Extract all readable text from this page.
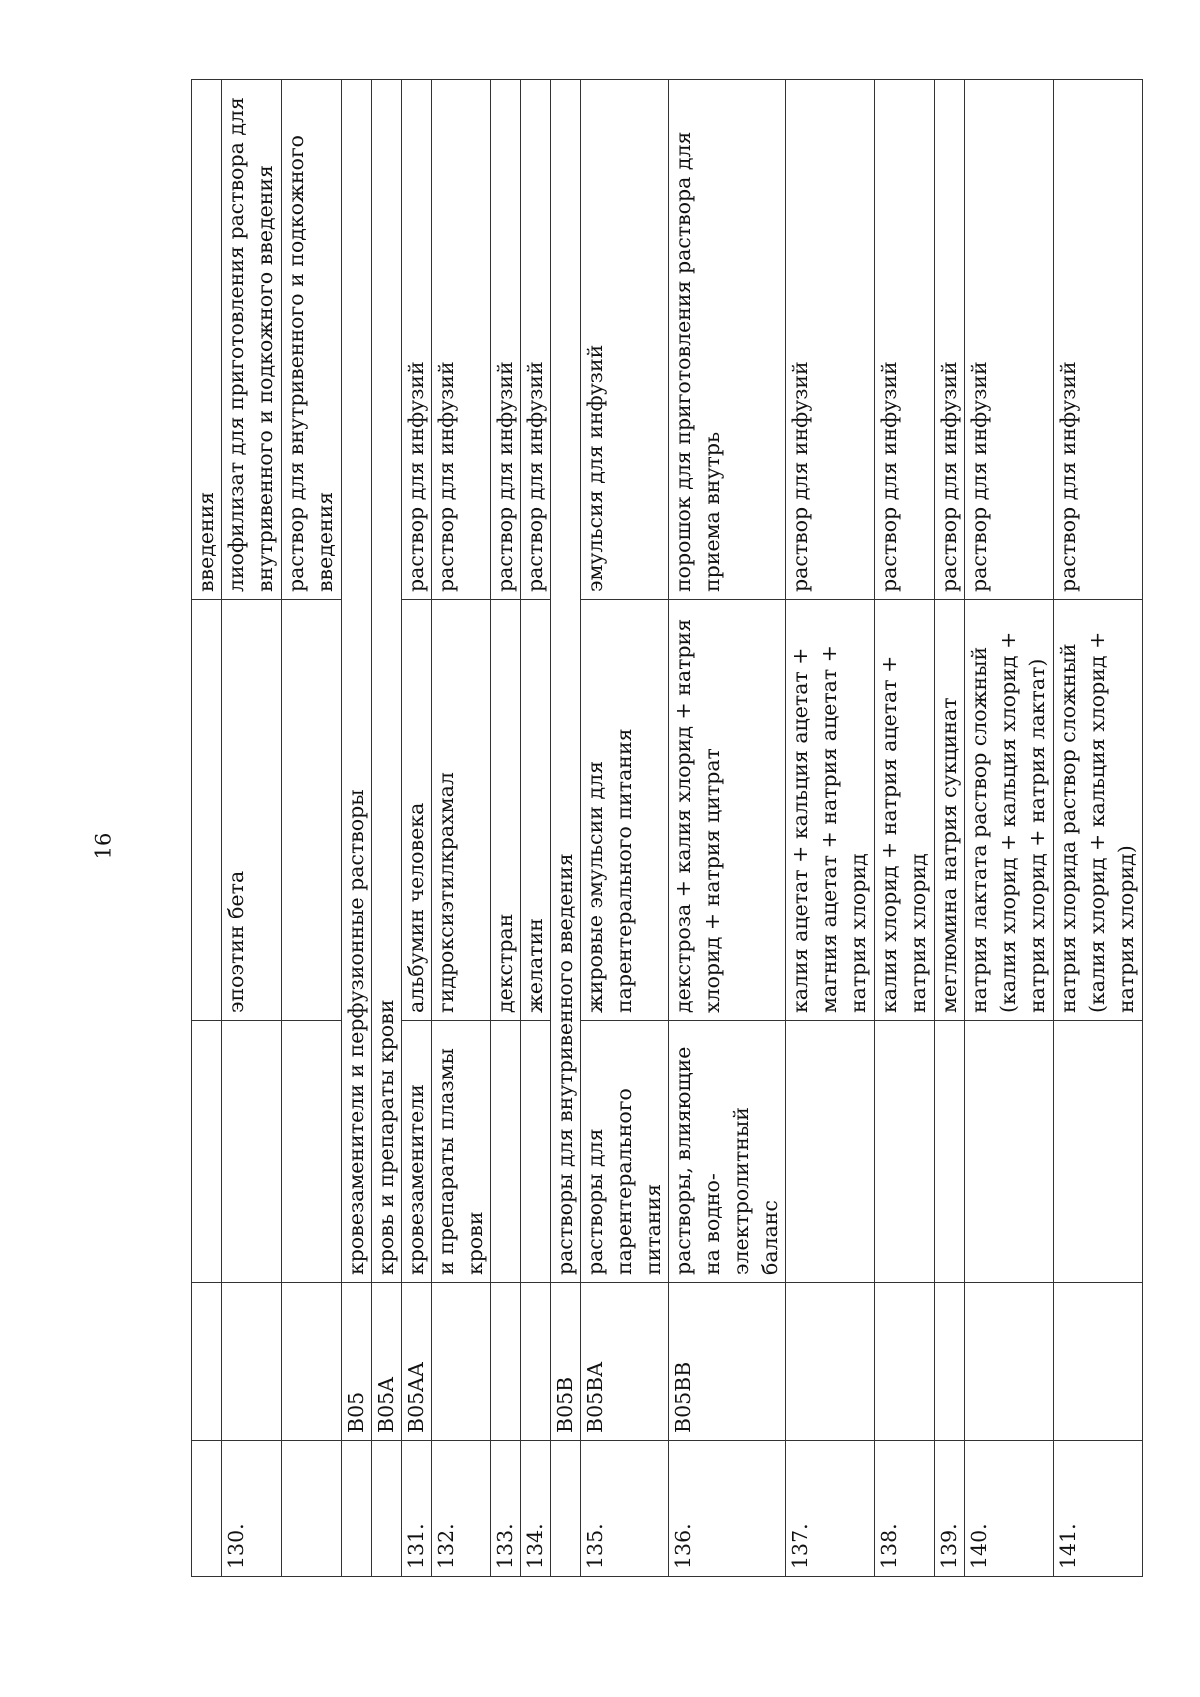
16
				введения
130.			эпоэтин бета	лиофилизат для приготовления раствора для внутривенного и подкожного введения
				раствор для внутривенного и подкожного введения
	B05	кровезаменители и перфузионные растворы		
	B05A	кровь и препараты крови		
131.	B05AA	кровезаменители	альбумин человека	раствор для инфузий
132.		и препараты плазмы крови	гидроксиэтилкрахмал	раствор для инфузий
133.			декстран	раствор для инфузий
134.			желатин	раствор для инфузий
	B05B	растворы для внутривенного введения		
135.	B05BA	растворы для парентерального питания	жировые эмульсии для парентерального питания	эмульсия для инфузий
136.	B05BB	растворы, влияющие на водно-электролитный баланс	декстроза + калия хлорид + натрия хлорид + натрия цитрат	порошок для приготовления раствора для приема внутрь
137.			калия ацетат + кальция ацетат + магния ацетат + натрия ацетат + натрия хлорид	раствор для инфузий
138.			калия хлорид + натрия ацетат + натрия хлорид	раствор для инфузий
139.			меглюмина натрия сукцинат	раствор для инфузий
140.			натрия лактата раствор сложный (калия хлорид + кальция хлорид + натрия хлорид + натрия лактат)	раствор для инфузий
141.			натрия хлорида раствор сложный (калия хлорид + кальция хлорид + натрия хлорид)	раствор для инфузий
